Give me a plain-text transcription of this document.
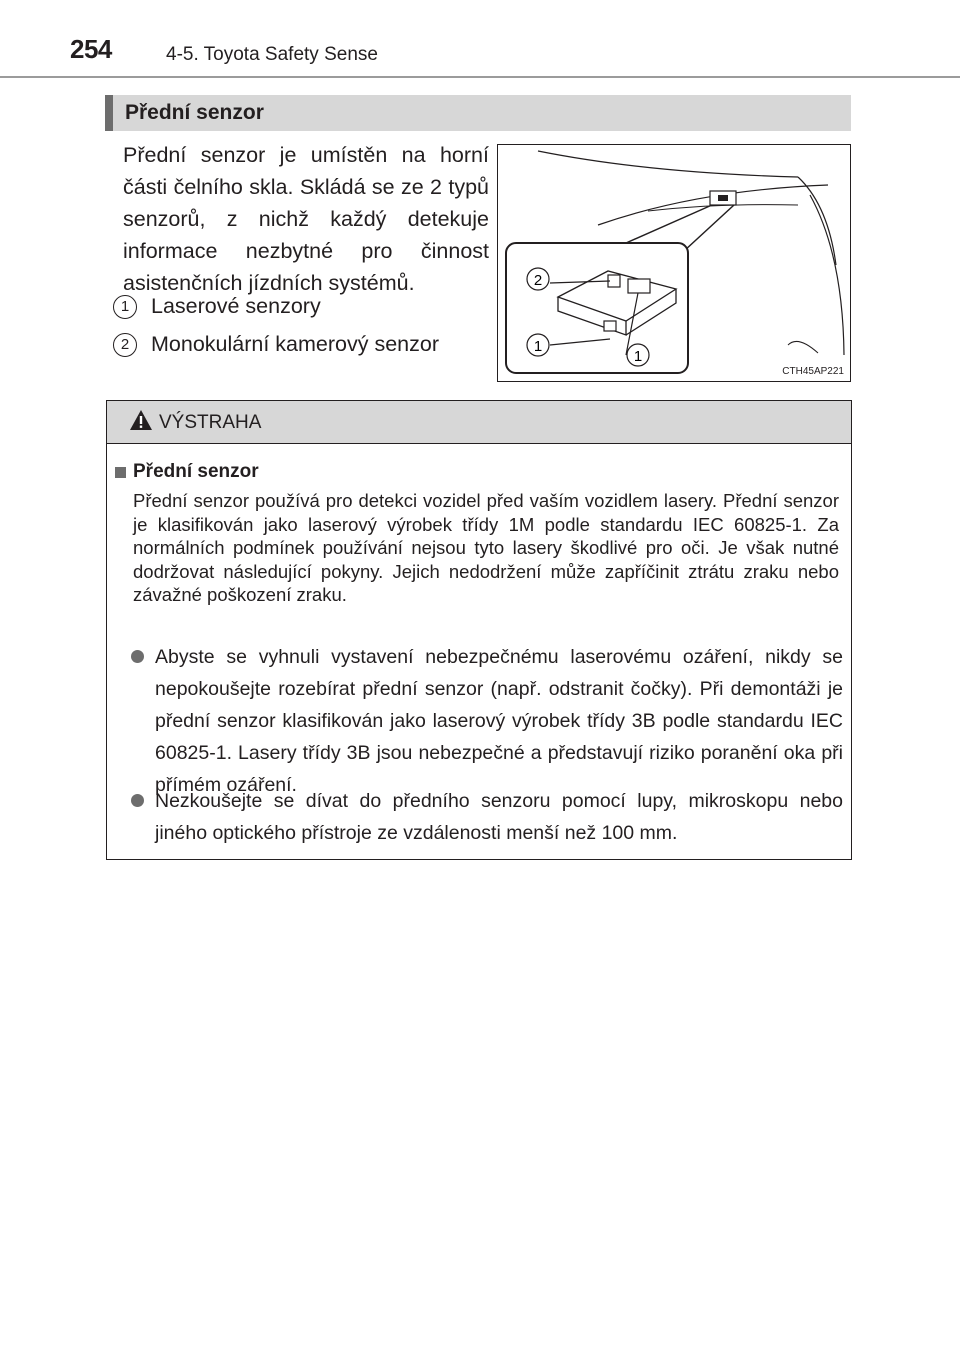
254	4-5. Toyota Safety Sense
Přední senzor
Přední senzor je umístěn na horní části čelního skla. Skládá se ze 2 typů senzorů, z nichž každý detekuje informace nezbytné pro činnost asistenčních jízdních systémů.
1	Laserové senzory
2	Monokulární kamerový senzor
2
1
1
CTH45AP221
VÝSTRAHA
Přední senzor
Přední senzor používá pro detekci vozidel před vaším vozidlem lasery. Přední senzor je klasifikován jako laserový výrobek třídy 1M podle standardu IEC 60825-1. Za normálních podmínek používání nejsou tyto lasery škodlivé pro oči. Je však nutné dodržovat následující pokyny. Jejich nedodržení může zapříčinit ztrátu zraku nebo závažné poškození zraku.
Abyste se vyhnuli vystavení nebezpečnému laserovému ozáření, nikdy se nepokoušejte rozebírat přední senzor (např. odstranit čočky). Při demontáži je přední senzor klasifikován jako laserový výrobek třídy 3B podle standardu IEC 60825-1. Lasery třídy 3B jsou nebezpečné a představují riziko poranění oka při přímém ozáření.
Nezkoušejte se dívat do předního senzoru pomocí lupy, mikroskopu nebo jiného optického přístroje ze vzdálenosti menší než 100 mm.
